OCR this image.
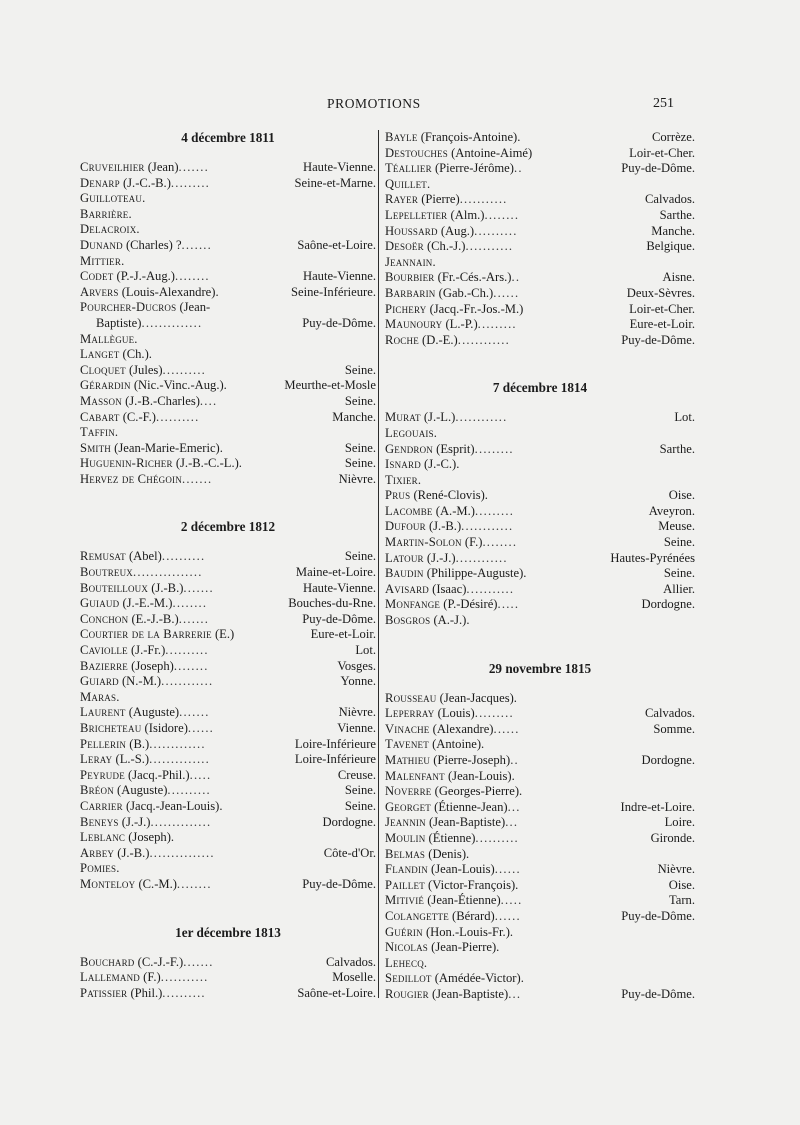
PROMOTIONS	251
4 décembre 1811
Cruveilhier (Jean) .......	Haute-Vienne.
Denarp (J.-C.-B.) .........	Seine-et-Marne.
Guilloteau.
Barrière.
Delacroix.
Dunand (Charles) ? .......	Saône-et-Loire.
Mittier.
Codet (P.-J.-Aug.) ........	Haute-Vienne.
Arvers (Louis-Alexandre).	Seine-Inférieure.
Pourcher-Ducros (Jean-
Baptiste) ..............	Puy-de-Dôme.
Mallègue.
Langet (Ch.).
Cloquet (Jules) ..........	Seine.
Gérardin (Nic.-Vinc.-Aug.).	Meurthe-et-Mosle
Masson (J.-B.-Charles) ....	Seine.
Cabart (C.-F.) ..........	Manche.
Taffin.
Smith (Jean-Marie-Emeric).	Seine.
Huguenin-Richer (J.-B.-C.-L.).	Seine.
Hervez de Chégoin .......	Nièvre.
2 décembre 1812
Remusat (Abel) ..........	Seine.
Boutreux ................	Maine-et-Loire.
Bouteilloux (J.-B.) .......	Haute-Vienne.
Guiaud (J.-E.-M.) ........	Bouches-du-Rne.
Conchon (E.-J.-B.) .......	Puy-de-Dôme.
Courtier de la Barrerie (E.)	Eure-et-Loir.
Caviolle (J.-Fr.) ..........	Lot.
Bazierre (Joseph) ........	Vosges.
Guiard (N.-M.) ............	Yonne.
Maras.
Laurent (Auguste) .......	Nièvre.
Bricheteau (Isidore) ......	Vienne.
Pellerin (B.) .............	Loire-Inférieure
Leray (L.-S.) ..............	Loire-Inférieure
Peyrude (Jacq.-Phil.) .....	Creuse.
Bréon (Auguste) ..........	Seine.
Carrier (Jacq.-Jean-Louis).	Seine.
Beneys (J.-J.) ..............	Dordogne.
Leblanc (Joseph).
Arbey (J.-B.) ...............	Côte-d'Or.
Pomies.
Monteloy (C.-M.) ........	Puy-de-Dôme.
1er décembre 1813
Bouchard (C.-J.-F.) .......	Calvados.
Lallemand (F.) ...........	Moselle.
Patissier (Phil.) ..........	Saône-et-Loire.
Bayle (François-Antoine).	Corrèze.
Destouches (Antoine-Aimé)	Loir-et-Cher.
Téallier (Pierre-Jérôme) ..	Puy-de-Dôme.
Quillet.
Rayer (Pierre) ...........	Calvados.
Lepelletier (Alm.) ........	Sarthe.
Houssard (Aug.) ..........	Manche.
Desoër (Ch.-J.) ...........	Belgique.
Jeannain.
Bourbier (Fr.-Cés.-Ars.) ..	Aisne.
Barbarin (Gab.-Ch.) ......	Deux-Sèvres.
Pichery (Jacq.-Fr.-Jos.-M.)	Loir-et-Cher.
Maunoury (L.-P.) .........	Eure-et-Loir.
Roche (D.-E.) ............	Puy-de-Dôme.
7 décembre 1814
Murat (J.-L.) ............	Lot.
Legouais.
Gendron (Esprit) .........	Sarthe.
Isnard (J.-C.).
Tixier.
Prus (René-Clovis).	Oise.
Lacombe (A.-M.) .........	Aveyron.
Dufour (J.-B.) ............	Meuse.
Martin-Solon (F.) ........	Seine.
Latour (J.-J.) ............	Hautes-Pyrénées
Baudin (Philippe-Auguste).	Seine.
Avisard (Isaac) ...........	Allier.
Monfange (P.-Désiré) .....	Dordogne.
Bosgros (A.-J.).
29 novembre 1815
Rousseau (Jean-Jacques).
Leperray (Louis) .........	Calvados.
Vinache (Alexandre) ......	Somme.
Tavenet (Antoine).
Mathieu (Pierre-Joseph) ..	Dordogne.
Malenfant (Jean-Louis).
Noverre (Georges-Pierre).
Georget (Étienne-Jean) ...	Indre-et-Loire.
Jeannin (Jean-Baptiste) ...	Loire.
Moulin (Étienne) ..........	Gironde.
Belmas (Denis).
Flandin (Jean-Louis) ......	Nièvre.
Paillet (Victor-François).	Oise.
Mitivié (Jean-Étienne) .....	Tarn.
Colangette (Bérard) ......	Puy-de-Dôme.
Guérin (Hon.-Louis-Fr.).
Nicolas (Jean-Pierre).
Lehecq.
Sedillot (Amédée-Victor).
Rougier (Jean-Baptiste) ...	Puy-de-Dôme.
